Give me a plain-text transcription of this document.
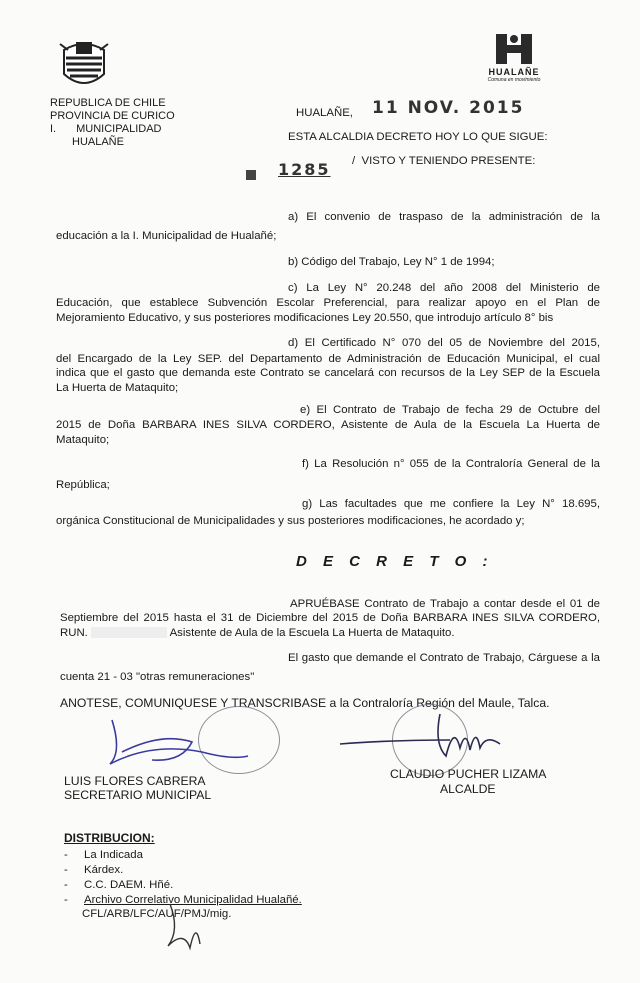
REPUBLICA DE CHILE
PROVINCIA DE CURICO
I. MUNICIPALIDAD
HUALAÑE
HUALAÑE
Comuna en movimiento
HUALAÑE, 11 NOV. 2015
ESTA ALCALDIA DECRETO HOY LO QUE SIGUE:
1285 /  VISTO Y TENIENDO PRESENTE:
a) El convenio de traspaso de la administración de la
educación a la I. Municipalidad de Hualañé;
b) Código del Trabajo, Ley N° 1 de 1994;
c) La Ley N° 20.248 del año 2008 del Ministerio de
Educación, que establece Subvención Escolar Preferencial, para realizar apoyo en el Plan de
Mejoramiento Educativo, y sus posteriores modificaciones Ley 20.550, que introdujo artículo 8° bis
d) El Certificado N° 070 del 05 de Noviembre del 2015,
del Encargado de la Ley SEP. del Departamento de Administración de Educación Municipal, el cual
indica que el gasto que demanda este Contrato se cancelará con recursos de la Ley SEP de la Escuela
La Huerta de Mataquito;
e) El Contrato de Trabajo de fecha 29 de Octubre del
2015 de Doña BARBARA INES SILVA CORDERO, Asistente de Aula de la Escuela La Huerta de
Mataquito;
f) La Resolución n° 055 de la Contraloría General de la
República;
g) Las facultades que me confiere la Ley N° 18.695,
orgánica Constitucional de Municipalidades y sus posteriores modificaciones, he acordado y;
D E C R E T O :
APRUÉBASE Contrato de Trabajo a contar desde el 01 de
Septiembre del 2015 hasta el 31 de Diciembre del 2015 de Doña BARBARA INES SILVA CORDERO,
RUN.	Asistente de Aula de la Escuela La Huerta de Mataquito.
El gasto que demande el Contrato de Trabajo, Cárguese a la
cuenta 21 - 03 "otras remuneraciones"
ANOTESE, COMUNIQUESE Y TRANSCRIBASE a la Contraloría Región del Maule, Talca.
LUIS FLORES CABRERA
SECRETARIO MUNICIPAL
CLAUDIO PUCHER LIZAMA
ALCALDE
DISTRIBUCION:
- La Indicada
- Kárdex.
- C.C. DAEM. Hñé.
- Archivo Correlativo Municipalidad Hualañé.
CFL/ARB/LFC/AUF/PMJ/mig.
